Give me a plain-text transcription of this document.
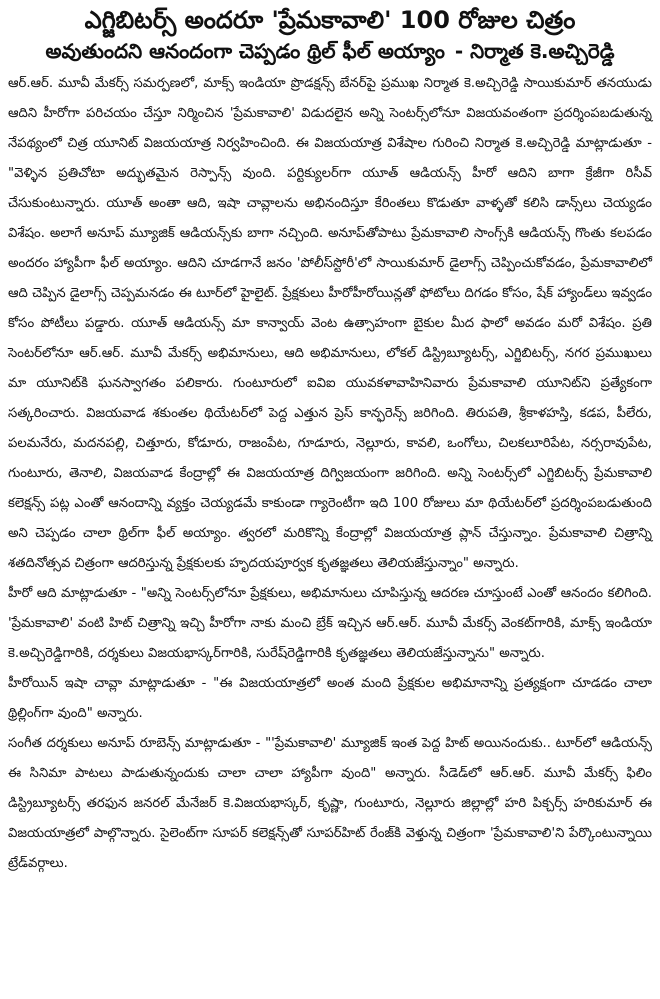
ఎగ్జిబిటర్స్ అందరూ 'ప్రేమకావాలి' 100 రోజుల చిత్రం
అవుతుందని ఆనందంగా చెప్పడం థ్రిల్ ఫీల్ అయ్యాం - నిర్మాత కె.అచ్చిరెడ్డి

ఆర్.ఆర్. మూవీ మేకర్స్ సమర్పణలో, మాక్స్ ఇండియా ప్రొడక్షన్స్ బేనర్‌పై ప్రముఖ నిర్మాత కె.అచ్చిరెడ్డి సాయికుమార్ తనయుడు ఆదిని హీరోగా పరిచయం చేస్తూ నిర్మించిన 'ప్రేమకావాలి' విడుదలైన అన్ని సెంటర్స్‌లోనూ విజయవంతంగా ప్రదర్శింపబడుతున్న నేపథ్యంలో చిత్ర యూనిట్ విజయయాత్ర నిర్వహించింది. ఈ విజయయాత్ర విశేషాల గురించి నిర్మాత కె.అచ్చిరెడ్డి మాట్లాడుతూ - "వెళ్ళిన ప్రతిచోటా అద్భుతమైన రెస్పాన్స్ వుంది. పర్టిక్యులర్‌గా యూత్ ఆడియన్స్ హీరో ఆదిని బాగా క్రేజీగా రిసీవ్ చేసుకుంటున్నారు. యూత్ అంతా ఆది, ఇషా చావ్లాలను అభినందిస్తూ కేరింతలు కొడుతూ వాళ్ళతో కలిసి డాన్స్‌లు చెయ్యడం విశేషం. అలాగే అనూప్ మ్యూజిక్ ఆడియన్స్‌కు బాగా నచ్చింది. అనూప్‌తోపాటు ప్రేమకావాలి సాంగ్స్‌కి ఆడియన్స్ గొంతు కలపడం అందరం హ్యాపీగా ఫీల్ అయ్యాం. ఆదిని చూడగానే జనం 'పోలీస్‌స్టోరీ'లో సాయికుమార్ డైలాగ్స్ చెప్పించుకోవడం, ప్రేమకావాలిలో ఆది చెప్పిన డైలాగ్స్ చెప్పమనడం ఈ టూర్‌లో హైలైట్. ప్రేక్షకులు హీరోహీరోయిన్లతో ఫోటోలు దిగడం కోసం, షేక్ హ్యాండ్‌లు ఇవ్వడం కోసం పోటీలు పడ్డారు. యూత్ ఆడియన్స్ మా కాన్వాయ్ వెంట ఉత్సాహంగా బైకుల మీద ఫాలో అవడం మరో విశేషం. ప్రతి సెంటర్‌లోనూ ఆర్.ఆర్. మూవీ మేకర్స్ అభిమానులు, ఆది అభిమానులు, లోకల్ డిస్ట్రిబ్యూటర్స్, ఎగ్జిబిటర్స్, నగర ప్రముఖులు మా యూనిట్‌కి ఘనస్వాగతం పలికారు. గుంటూరులో ఐవిఐ యువకళావాహినివారు ప్రేమకావాలి యూనిట్‌ని ప్రత్యేకంగా సత్కరించారు. విజయవాడ శకుంతల థియేటర్‌లో పెద్ద ఎత్తున ప్రెస్ కాన్ఫరెన్స్ జరిగింది. తిరుపతి, శ్రీకాళహస్తి, కడప, పీలేరు, పలమనేరు, మదనపల్లి, చిత్తూరు, కోడూరు, రాజంపేట, గూడూరు, నెల్లూరు, కావలి, ఒంగోలు, చిలకలూరిపేట, నర్సరావుపేట, గుంటూరు, తెనాలి, విజయవాడ కేంద్రాల్లో ఈ విజయయాత్ర దిగ్విజయంగా జరిగింది. అన్ని సెంటర్స్‌లో ఎగ్జిబిటర్స్ ప్రేమకావాలి కలెక్షన్స్ పట్ల ఎంతో ఆనందాన్ని వ్యక్తం చెయ్యడమే కాకుండా గ్యారెంటీగా ఇది 100 రోజులు మా థియేటర్‌లో ప్రదర్శింపబడుతుంది అని చెప్పడం చాలా థ్రిల్‌గా ఫీల్ అయ్యాం. త్వరలో మరికొన్ని కేంద్రాల్లో విజయయాత్ర ప్లాన్ చేస్తున్నాం. ప్రేమకావాలి చిత్రాన్ని శతదినోత్సవ చిత్రంగా ఆదరిస్తున్న ప్రేక్షకులకు హృదయపూర్వక కృతజ్ఞతలు తెలియజేస్తున్నాం" అన్నారు.

హీరో ఆది మాట్లాడుతూ - "అన్ని సెంటర్స్‌లోనూ ప్రేక్షకులు, అభిమానులు చూపిస్తున్న ఆదరణ చూస్తుంటే ఎంతో ఆనందం కలిగింది. 'ప్రేమకావాలి' వంటి హిట్ చిత్రాన్ని ఇచ్చి హీరోగా నాకు మంచి బ్రేక్ ఇచ్చిన ఆర్.ఆర్. మూవీ మేకర్స్ వెంకట్‌గారికి, మాక్స్ ఇండియా కె.అచ్చిరెడ్డిగారికి, దర్శకులు విజయభాస్కర్‌గారికి, సురేష్‌రెడ్డిగారికి కృతజ్ఞతలు తెలియజేస్తున్నాను" అన్నారు.

హీరోయిన్ ఇషా చావ్లా మాట్లాడుతూ - "ఈ విజయయాత్రలో అంత మంది ప్రేక్షకుల అభిమానాన్ని ప్రత్యక్షంగా చూడడం చాలా థ్రిల్లింగ్‌గా వుంది" అన్నారు.

సంగీత దర్శకులు అనూప్ రూబెన్స్ మాట్లాడుతూ - "'ప్రేమకావాలి' మ్యూజిక్ ఇంత పెద్ద హిట్ అయినందుకు.. టూర్‌లో ఆడియన్స్ ఈ సినిమా పాటలు పాడుతున్నందుకు చాలా చాలా హ్యాపీగా వుంది" అన్నారు. సీడెడ్‌లో ఆర్.ఆర్. మూవీ మేకర్స్ ఫిలిం డిస్ట్రిబ్యూటర్స్ తరఫున జనరల్ మేనేజర్ కె.విజయభాస్కర్, కృష్ణా, గుంటూరు, నెల్లూరు జిల్లాల్లో హరి పిక్చర్స్ హరికుమార్ ఈ విజయయాత్రలో పాల్గొన్నారు. సైలెంట్‌గా సూపర్ కలెక్షన్స్‌తో సూపర్‌హిట్ రేంజ్‌కి వెళ్తున్న చిత్రంగా 'ప్రేమకావాలి'ని పేర్కొంటున్నాయి ట్రేడ్‌వర్గాలు.
